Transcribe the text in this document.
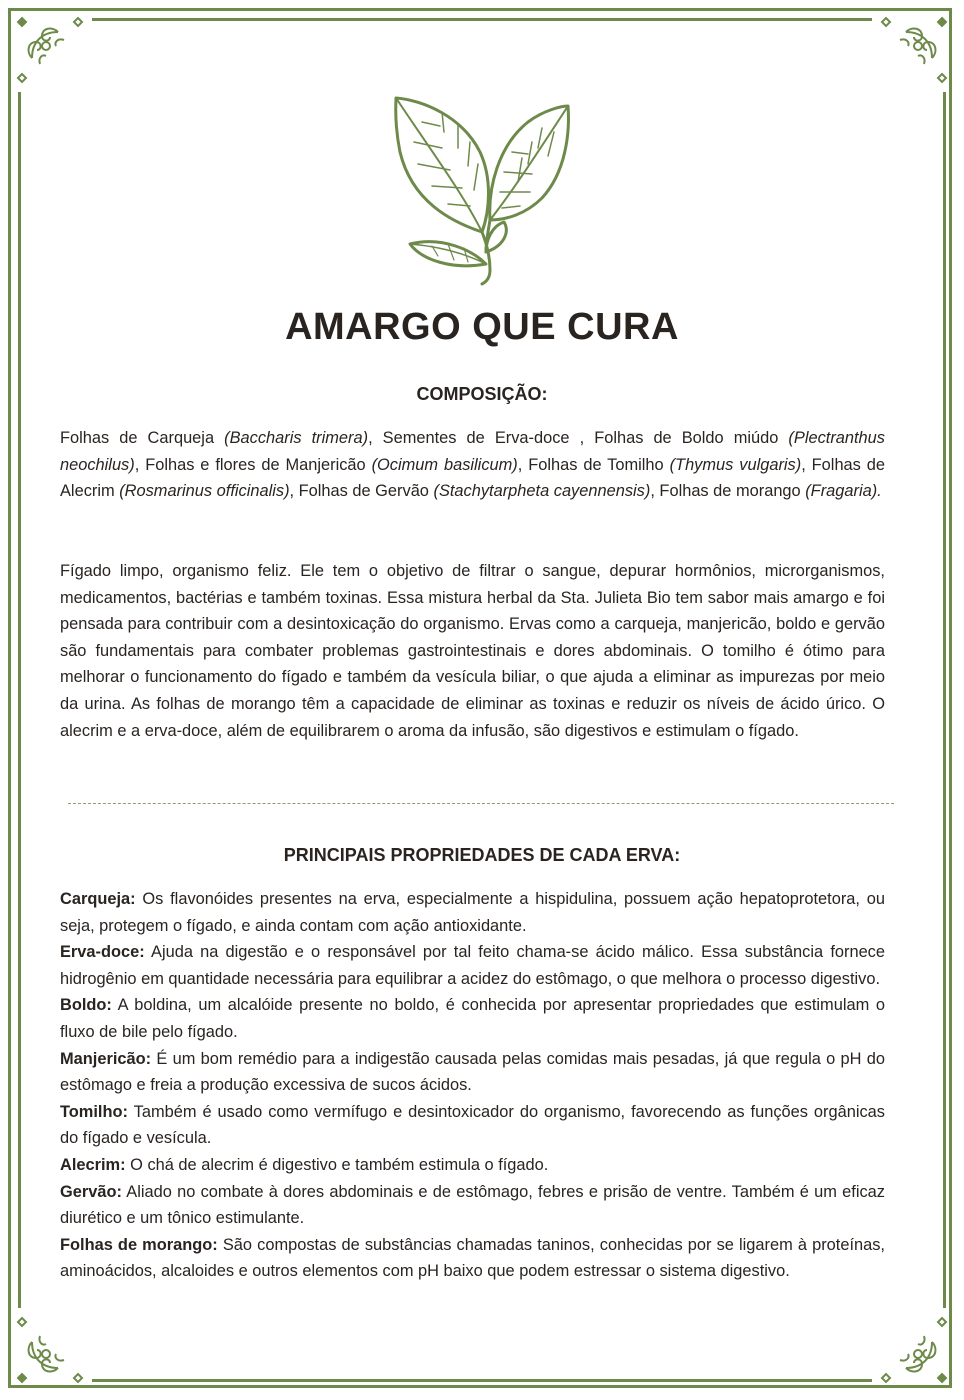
AMARGO QUE CURA
COMPOSIÇÃO:
Folhas de Carqueja (Baccharis trimera), Sementes de Erva-doce , Folhas de Boldo miúdo (Plectranthus neochilus), Folhas e flores de Manjericão (Ocimum basilicum), Folhas de Tomilho (Thymus vulgaris), Folhas de Alecrim (Rosmarinus officinalis), Folhas de Gervão (Stachytarpheta cayennensis), Folhas de morango (Fragaria).
Fígado limpo, organismo feliz. Ele tem o objetivo de filtrar o sangue, depurar hormônios, microrganismos, medicamentos, bactérias e também toxinas. Essa mistura herbal da Sta. Julieta Bio tem sabor mais amargo e foi pensada para contribuir com a desintoxicação do organismo. Ervas como a carqueja, manjericão, boldo e gervão são fundamentais para combater problemas gastrointestinais e dores abdominais. O tomilho é ótimo para melhorar o funcionamento do fígado e também da vesícula biliar, o que ajuda a eliminar as impurezas por meio da urina. As folhas de morango têm a capacidade de eliminar as toxinas e reduzir os níveis de ácido úrico. O alecrim e a erva-doce, além de equilibrarem o aroma da infusão, são digestivos e estimulam o fígado.
PRINCIPAIS PROPRIEDADES DE CADA ERVA:

Carqueja: Os flavonóides presentes na erva, especialmente a hispidulina, possuem ação hepatoprotetora, ou seja, protegem o fígado, e ainda contam com ação antioxidante.

Erva-doce: Ajuda na digestão e o responsável por tal feito chama-se ácido málico. Essa substância fornece hidrogênio em quantidade necessária para equilibrar a acidez do estômago, o que melhora o processo digestivo.

Boldo: A boldina, um alcalóide presente no boldo, é conhecida por apresentar propriedades que estimulam o fluxo de bile pelo fígado.

Manjericão: É um bom remédio para a indigestão causada pelas comidas mais pesadas, já que regula o pH do estômago e freia a produção excessiva de sucos ácidos.

Tomilho: Também é usado como vermífugo e desintoxicador do organismo, favorecendo as funções orgânicas do fígado e vesícula.

Alecrim: O chá de alecrim é digestivo e também estimula o fígado.

Gervão: Aliado no combate à dores abdominais e de estômago, febres e prisão de ventre. Também é um eficaz diurético e um tônico estimulante.

Folhas de morango: São compostas de substâncias chamadas taninos, conhecidas por se ligarem à proteínas, aminoácidos, alcaloides e outros elementos com pH baixo que podem estressar o sistema digestivo.
